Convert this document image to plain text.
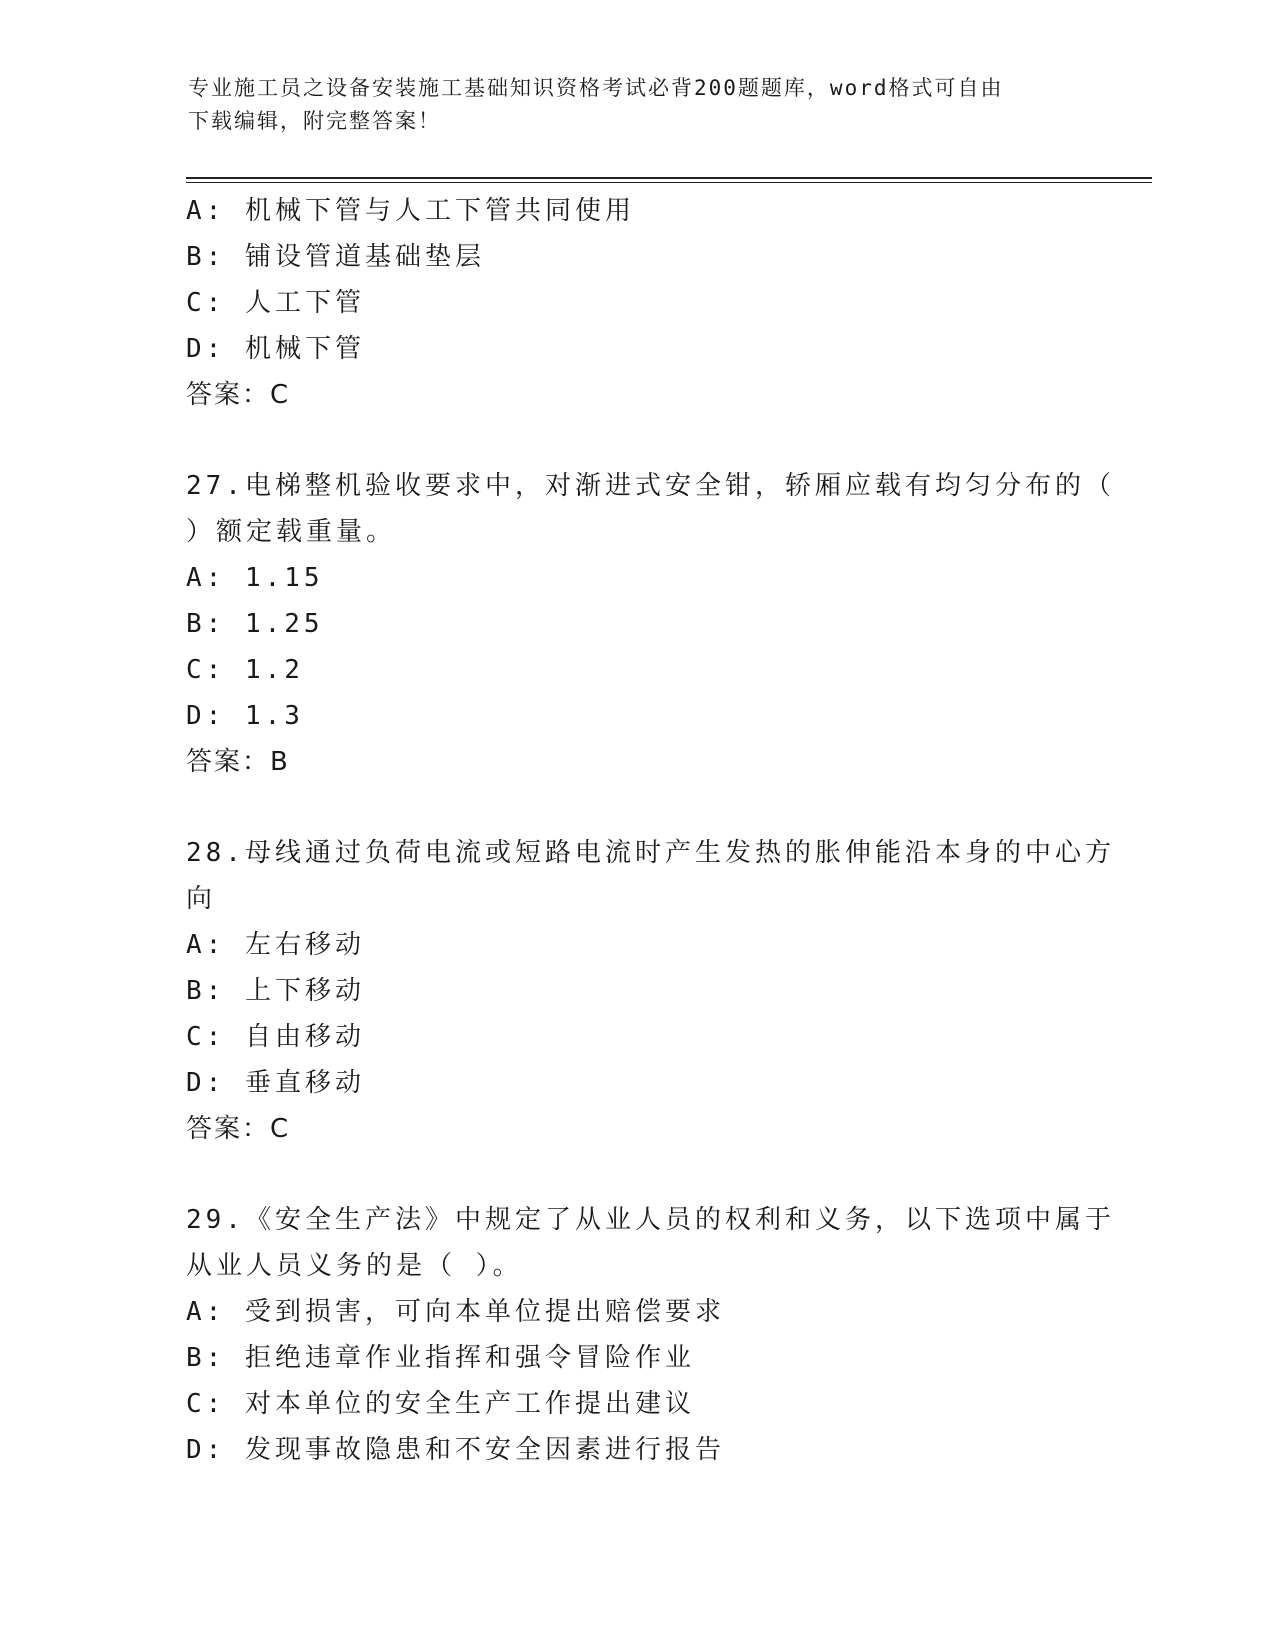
专业施工员之设备安装施工基础知识资格考试必背200题题库，word格式可自由
下载编辑，附完整答案！

A: 机械下管与人工下管共同使用

B: 铺设管道基础垫层

C: 人工下管

D: 机械下管

答案：C

27.电梯整机验收要求中，对渐进式安全钳，轿厢应载有均匀分布的（

）额定载重量。

A: 1.15

B: 1.25

C: 1.2

D: 1.3

答案：B

28.母线通过负荷电流或短路电流时产生发热的胀伸能沿本身的中心方

向

A: 左右移动

B: 上下移动

C: 自由移动

D: 垂直移动

答案：C

29.《安全生产法》中规定了从业人员的权利和义务，以下选项中属于

从业人员义务的是（ ）。

A: 受到损害，可向本单位提出赔偿要求

B: 拒绝违章作业指挥和强令冒险作业

C: 对本单位的安全生产工作提出建议

D: 发现事故隐患和不安全因素进行报告
